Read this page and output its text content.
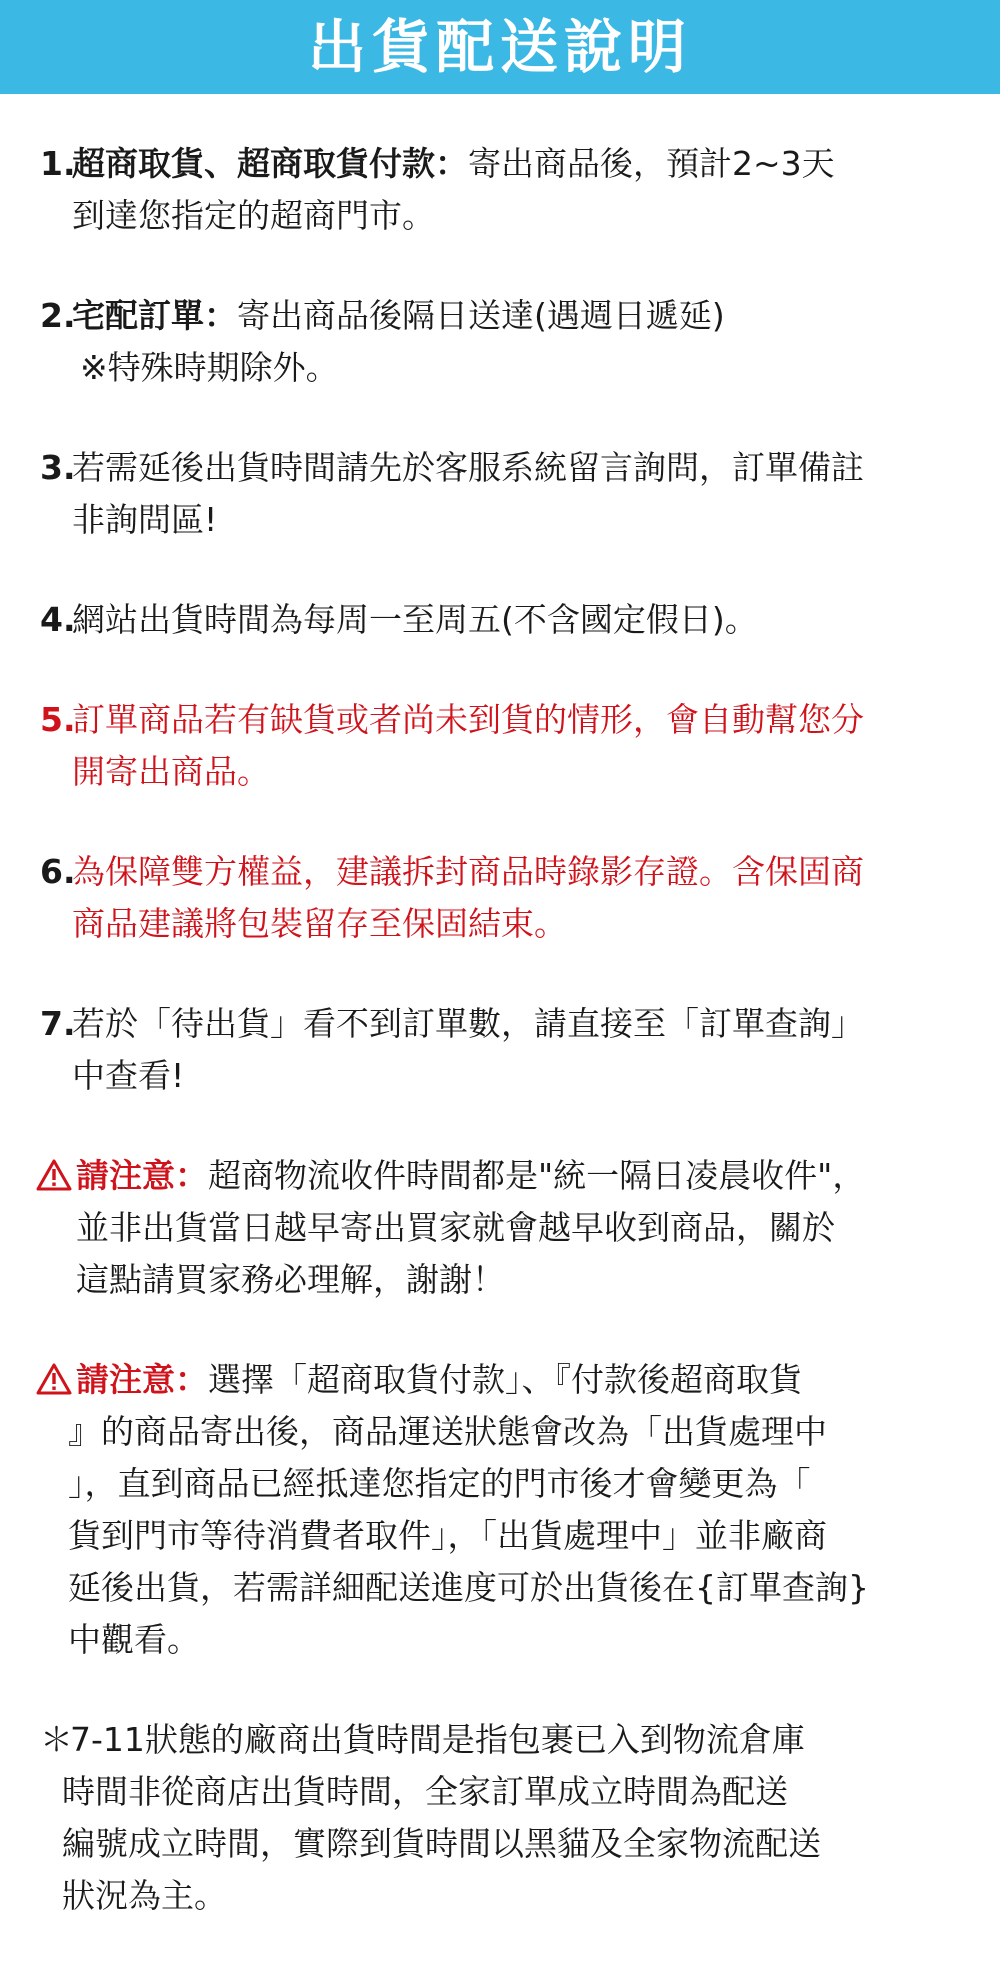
出貨配送說明
1.
超商取貨、超商取貨付款：寄出商品後，預計2~3天
到達您指定的超商門市。
2.
宅配訂單：寄出商品後隔日送達(遇週日遞延)
※特殊時期除外。
3.
若需延後出貨時間請先於客服系統留言詢問，訂單備註
非詢問區!
4.
網站出貨時間為每周一至周五(不含國定假日)。
5.
訂單商品若有缺貨或者尚未到貨的情形，會自動幫您分
開寄出商品。
6.
為保障雙方權益，建議拆封商品時錄影存證。含保固商
商品建議將包裝留存至保固結束。
7.
若於「待出貨」看不到訂單數，請直接至「訂單查詢」
中查看!
請注意：超商物流收件時間都是"統一隔日凌晨收件"，
並非出貨當日越早寄出買家就會越早收到商品，關於
這點請買家務必理解，謝謝！
請注意：選擇「超商取貨付款」、『付款後超商取貨
』的商品寄出後，商品運送狀態會改為「出貨處理中
」，直到商品已經抵達您指定的門市後才會變更為「
貨到門市等待消費者取件」，「出貨處理中」並非廠商
延後出貨，若需詳細配送進度可於出貨後在{訂單查詢}
中觀看。
＊
7-11狀態的廠商出貨時間是指包裹已入到物流倉庫
時間非從商店出貨時間，全家訂單成立時間為配送
編號成立時間，實際到貨時間以黑貓及全家物流配送
狀況為主。
